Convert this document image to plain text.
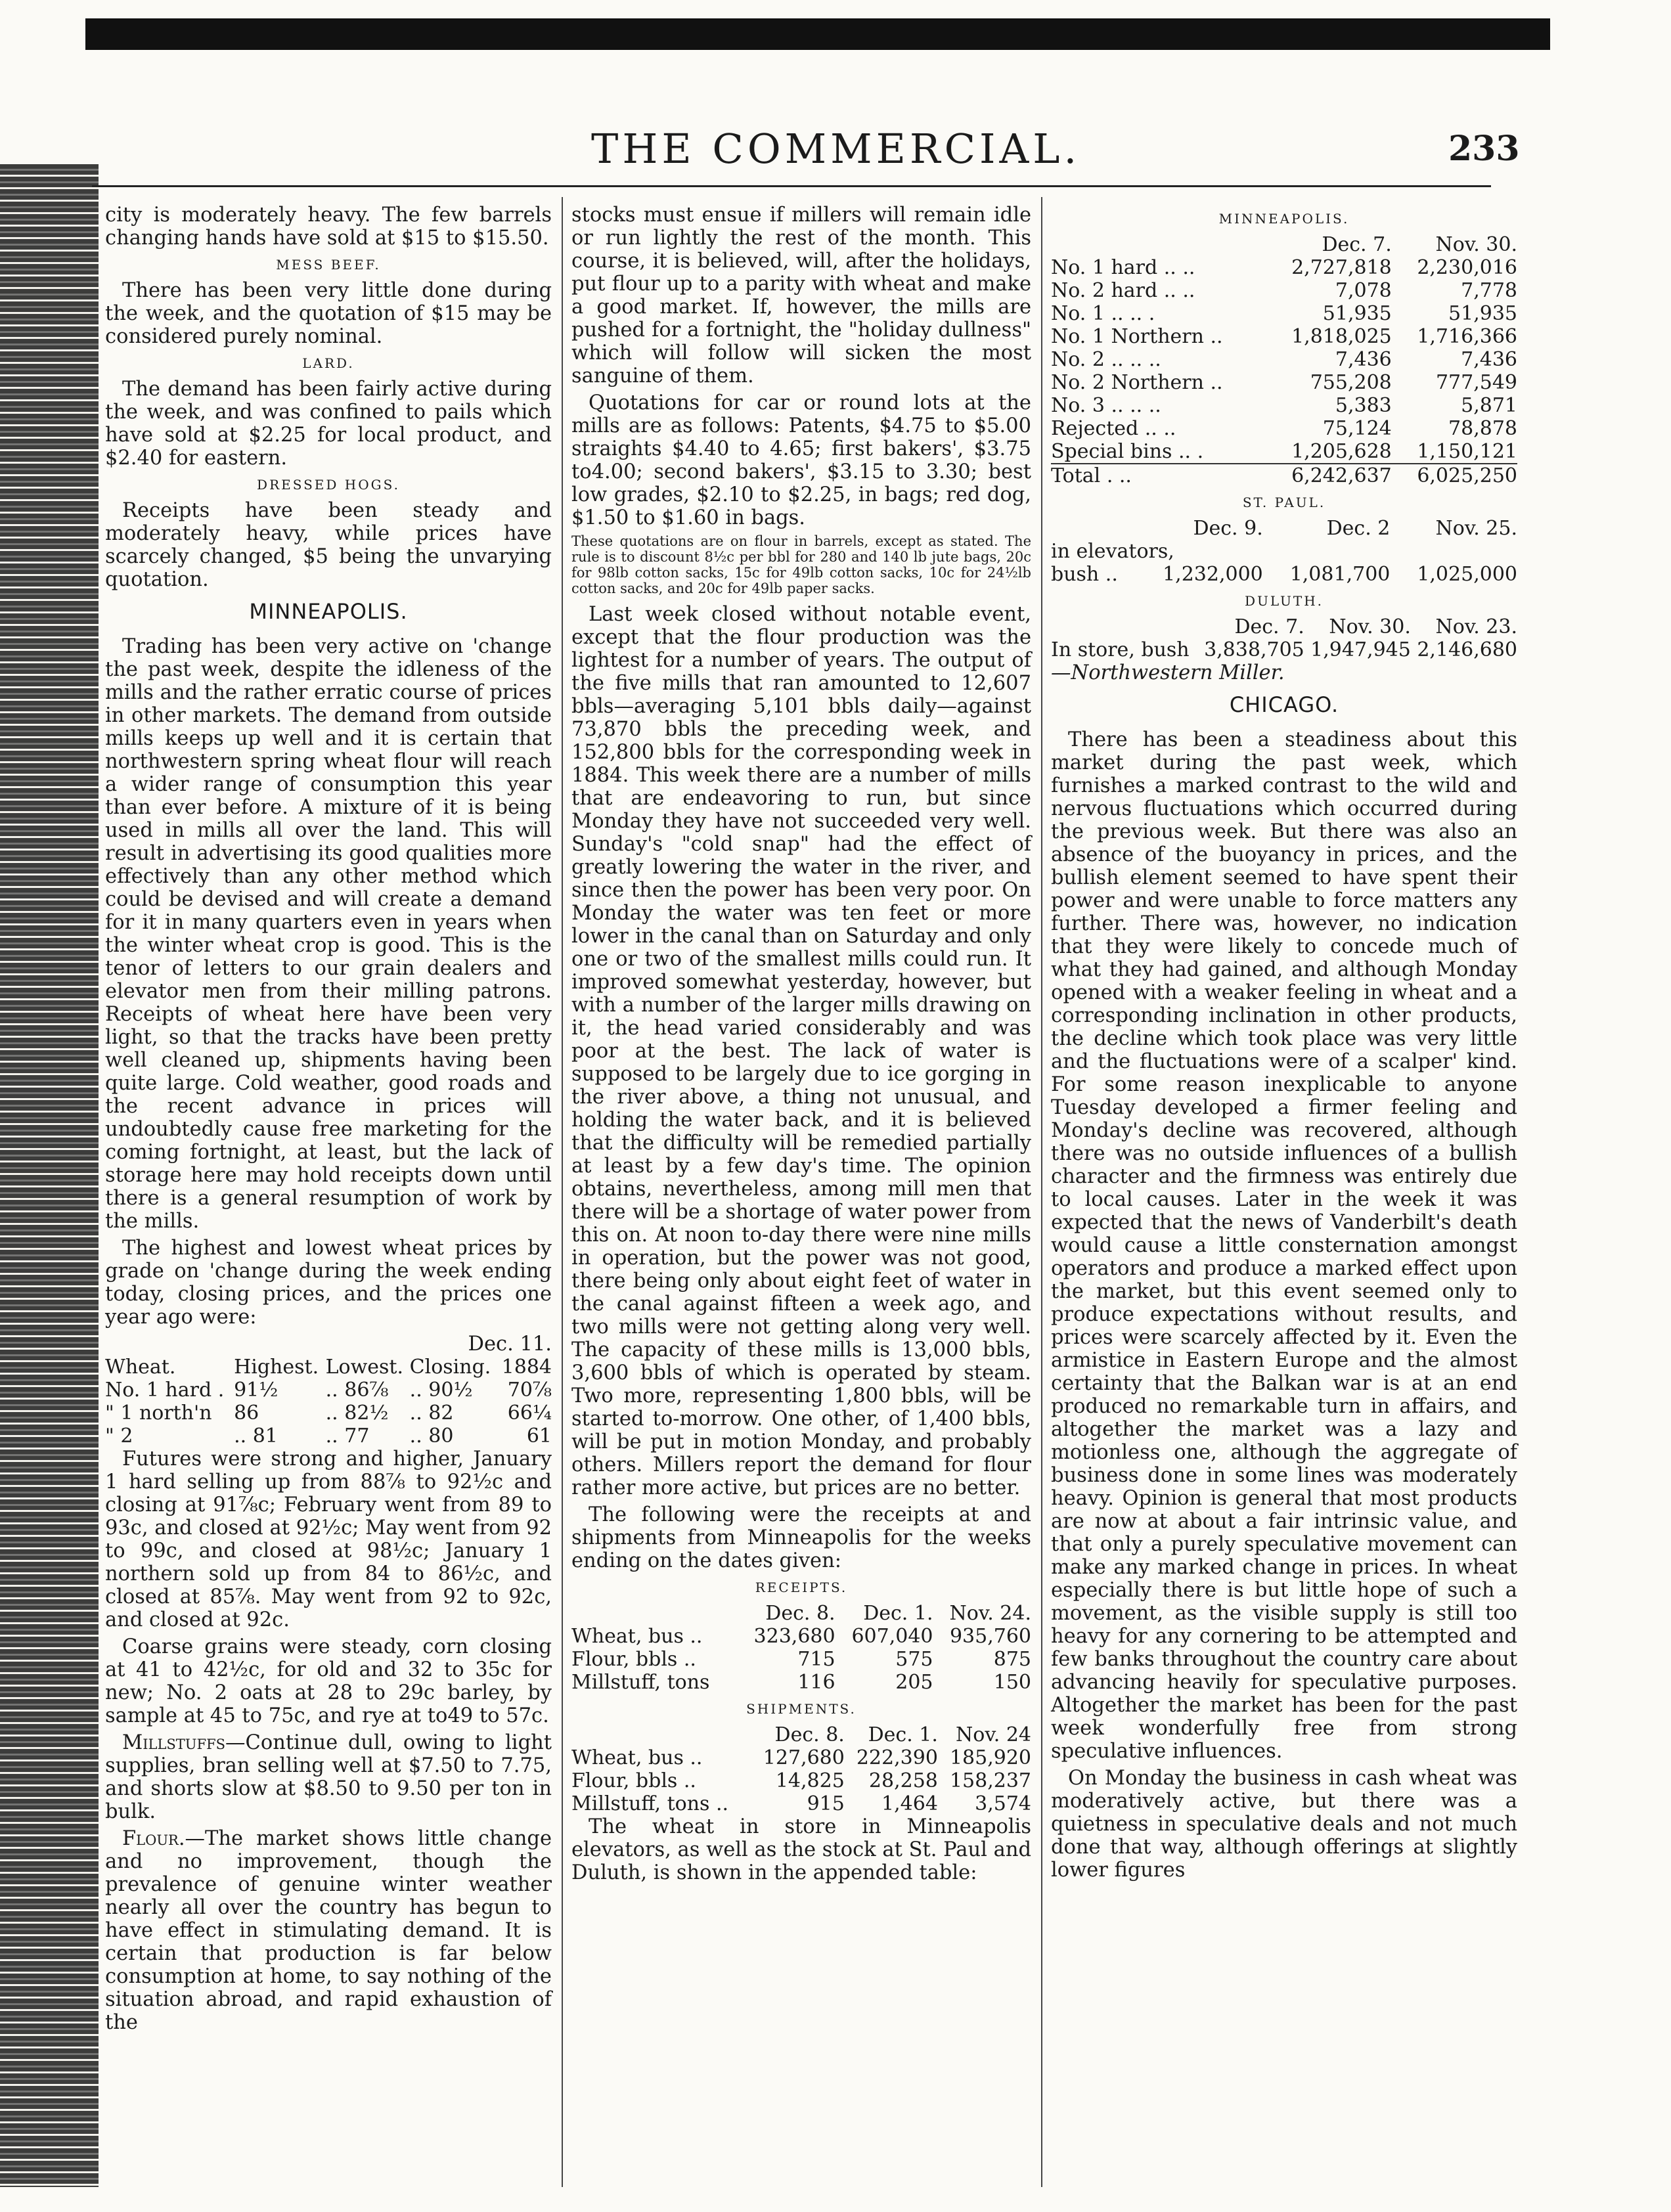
THE COMMERCIAL.	233

city is moderately heavy. The few barrels changing hands have sold at $15 to $15.50.

MESS BEEF.

There has been very little done during the week, and the quotation of $15 may be considered purely nominal.

LARD.

The demand has been fairly active during the week, and was confined to pails which have sold at $2.25 for local product, and $2.40 for eastern.

DRESSED HOGS.

Receipts have been steady and moderately heavy, while prices have scarcely changed, $5 being the unvarying quotation.

MINNEAPOLIS.

Trading has been very active on 'change the past week, despite the idleness of the mills and the rather erratic course of prices in other markets. The demand from outside mills keeps up well and it is certain that northwestern spring wheat flour will reach a wider range of consumption this year than ever before. A mixture of it is being used in mills all over the land. This will result in advertising its good qualities more effectively than any other method which could be devised and will create a demand for it in many quarters even in years when the winter wheat crop is good. This is the tenor of letters to our grain dealers and elevator men from their milling patrons. Receipts of wheat here have been very light, so that the tracks have been pretty well cleaned up, shipments having been quite large. Cold weather, good roads and the recent advance in prices will undoubtedly cause free marketing for the coming fortnight, at least, but the lack of storage here may hold receipts down until there is a general resumption of work by the mills.

The highest and lowest wheat prices by grade on 'change during the week ending today, closing prices, and the prices one year ago were:

Dec. 11.
Wheat.	Highest.	Lowest.	Closing.	1884
No. 1 hard .	91½	.. 86⅞	.. 90½	70⅞
" 1 north'n	86	.. 82½	.. 82	66¼
" 2	.. 81	.. 77	.. 80	61

Futures were strong and higher, January 1 hard selling up from 88⅞ to 92½c and closing at 91⅞c; February went from 89 to 93c, and closed at 92½c; May went from 92 to 99c, and closed at 98½c; January 1 northern sold up from 84 to 86½c, and closed at 85⅞. May went from 92 to 92c, and closed at 92c.

Coarse grains were steady, corn closing at 41 to 42½c, for old and 32 to 35c for new; No. 2 oats at 28 to 29c barley, by sample at 45 to 75c, and rye at to49 to 57c.

Millstuffs—Continue dull, owing to light supplies, bran selling well at $7.50 to 7.75, and shorts slow at $8.50 to 9.50 per ton in bulk.

Flour.—The market shows little change and no improvement, though the prevalence of genuine winter weather nearly all over the country has begun to have effect in stimulating demand. It is certain that production is far below consumption at home, to say nothing of the situation abroad, and rapid exhaustion of the

stocks must ensue if millers will remain idle or run lightly the rest of the month. This course, it is believed, will, after the holidays, put flour up to a parity with wheat and make a good market. If, however, the mills are pushed for a fortnight, the "holiday dullness" which will follow will sicken the most sanguine of them.

Quotations for car or round lots at the mills are as follows: Patents, $4.75 to $5.00 straights $4.40 to 4.65; first bakers', $3.75 to4.00; second bakers', $3.15 to 3.30; best low grades, $2.10 to $2.25, in bags; red dog, $1.50 to $1.60 in bags.

These quotations are on flour in barrels, except as stated. The rule is to discount 8½c per bbl for 280 and 140 lb jute bags, 20c for 98lb cotton sacks, 15c for 49lb cotton sacks, 10c for 24½lb cotton sacks, and 20c for 49lb paper sacks.

Last week closed without notable event, except that the flour production was the lightest for a number of years. The output of the five mills that ran amounted to 12,607 bbls—averaging 5,101 bbls daily—against 73,870 bbls the preceding week, and 152,800 bbls for the corresponding week in 1884. This week there are a number of mills that are endeavoring to run, but since Monday they have not succeeded very well. Sunday's "cold snap" had the effect of greatly lowering the water in the river, and since then the power has been very poor. On Monday the water was ten feet or more lower in the canal than on Saturday and only one or two of the smallest mills could run. It improved somewhat yesterday, however, but with a number of the larger mills drawing on it, the head varied considerably and was poor at the best. The lack of water is supposed to be largely due to ice gorging in the river above, a thing not unusual, and holding the water back, and it is believed that the difficulty will be remedied partially at least by a few day's time. The opinion obtains, nevertheless, among mill men that there will be a shortage of water power from this on. At noon to-day there were nine mills in operation, but the power was not good, there being only about eight feet of water in the canal against fifteen a week ago, and two mills were not getting along very well. The capacity of these mills is 13,000 bbls, 3,600 bbls of which is operated by steam. Two more, representing 1,800 bbls, will be started to-morrow. One other, of 1,400 bbls, will be put in motion Monday, and probably others. Millers report the demand for flour rather more active, but prices are no better.

The following were the receipts at and shipments from Minneapolis for the weeks ending on the dates given:

RECEIPTS.
	Dec. 8.	Dec. 1.	Nov. 24.
Wheat, bus ..	323,680	607,040	935,760
Flour, bbls ..	715	575	875
Millstuff, tons	116	205	150
SHIPMENTS.
	Dec. 8.	Dec. 1.	Nov. 24
Wheat, bus ..	127,680	222,390	185,920
Flour, bbls ..	14,825	28,258	158,237
Millstuff, tons ..	915	1,464	3,574

The wheat in store in Minneapolis elevators, as well as the stock at St. Paul and Duluth, is shown in the appended table:

MINNEAPOLIS.
	Dec. 7.	Nov. 30.
No. 1 hard .. ..	2,727,818	2,230,016
No. 2 hard .. ..	7,078	7,778
No. 1 .. .. .	51,935	51,935
No. 1 Northern ..	1,818,025	1,716,366
No. 2 .. .. ..	7,436	7,436
No. 2 Northern ..	755,208	777,549
No. 3 .. .. ..	5,383	5,871
Rejected .. ..	75,124	78,878
Special bins .. .	1,205,628	1,150,121
Total . ..	6,242,637	6,025,250
ST. PAUL.
	Dec. 9.	Dec. 2	Nov. 25.
in elevators,			
bush ..	1,232,000	1,081,700	1,025,000
DULUTH.
	Dec. 7.	Nov. 30.	Nov. 23.
In store, bush	3,838,705	1,947,945	2,146,680
—Northwestern Miller.
CHICAGO.

There has been a steadiness about this market during the past week, which furnishes a marked contrast to the wild and nervous fluctuations which occurred during the previous week. But there was also an absence of the buoyancy in prices, and the bullish element seemed to have spent their power and were unable to force matters any further. There was, however, no indication that they were likely to concede much of what they had gained, and although Monday opened with a weaker feeling in wheat and a corresponding inclination in other products, the decline which took place was very little and the fluctuations were of a scalper' kind. For some reason inexplicable to anyone Tuesday developed a firmer feeling and Monday's decline was recovered, although there was no outside influences of a bullish character and the firmness was entirely due to local causes. Later in the week it was expected that the news of Vanderbilt's death would cause a little consternation amongst operators and produce a marked effect upon the market, but this event seemed only to produce expectations without results, and prices were scarcely affected by it. Even the armistice in Eastern Europe and the almost certainty that the Balkan war is at an end produced no remarkable turn in affairs, and altogether the market was a lazy and motionless one, although the aggregate of business done in some lines was moderately heavy. Opinion is general that most products are now at about a fair intrinsic value, and that only a purely speculative movement can make any marked change in prices. In wheat especially there is but little hope of such a movement, as the visible supply is still too heavy for any cornering to be attempted and few banks throughout the country care about advancing heavily for speculative purposes. Altogether the market has been for the past week wonderfully free from strong speculative influences.

On Monday the business in cash wheat was moderatively active, but there was a quietness in speculative deals and not much done that way, although offerings at slightly lower figures
